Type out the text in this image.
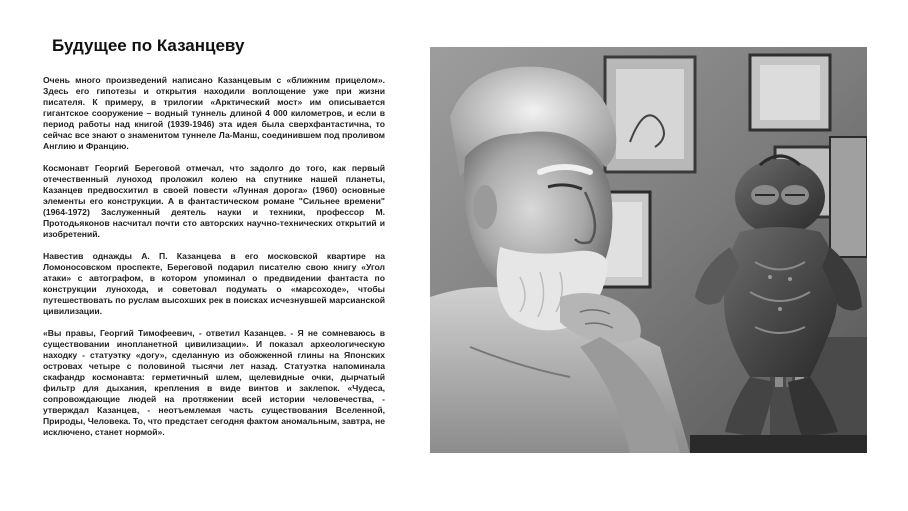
Будущее по Казанцеву

Очень много произведений написано Казанцевым с «ближним прицелом». Здесь его гипотезы и открытия находили воплощение уже при жизни писателя. К примеру, в трилогии «Арктический мост» им описывается гигантское сооружение – водный туннель длиной 4 000 километров, и если в период работы над книгой (1939-1946) эта идея была сверхфантастична, то сейчас все знают о знаменитом туннеле Ла-Манш, соединившем под проливом Англию и Францию.

Космонавт Георгий Береговой отмечал, что задолго до того, как первый отечественный луноход проложил колею на спутнике нашей планеты, Казанцев предвосхитил в своей повести «Лунная дорога» (1960) основные элементы его конструкции. А в фантастическом романе "Сильнее времени" (1964-1972) Заслуженный деятель науки и техники, профессор М. Протодьяконов насчитал почти сто авторских научно-технических открытий и изобретений.

Навестив однажды А. П. Казанцева в его московской квартире на Ломоносовском проспекте, Береговой подарил писателю свою книгу «Угол атаки» с автографом, в котором упоминал о предвидении фантаста по конструкции лунохода, и советовал подумать о «марсоходе», чтобы путешествовать по руслам высохших рек в поисках исчезнувшей марсианской цивилизации.

«Вы правы, Георгий Тимофеевич, - ответил Казанцев. - Я не сомневаюсь в существовании инопланетной цивилизации». И показал археологическую находку - статуэтку «догу», сделанную из обожженной глины на Японских островах четыре с половиной тысячи лет назад. Статуэтка напоминала скафандр космонавта: герметичный шлем, щелевидные очки, дырчатый фильтр для дыхания, крепления в виде винтов и заклепок. «Чудеса, сопровождающие людей на протяжении всей истории человечества, - утверждал Казанцев, - неотъемлемая часть существования Вселенной, Природы, Человека. То, что предстает сегодня фактом аномальным, завтра, не исключено, станет нормой».
